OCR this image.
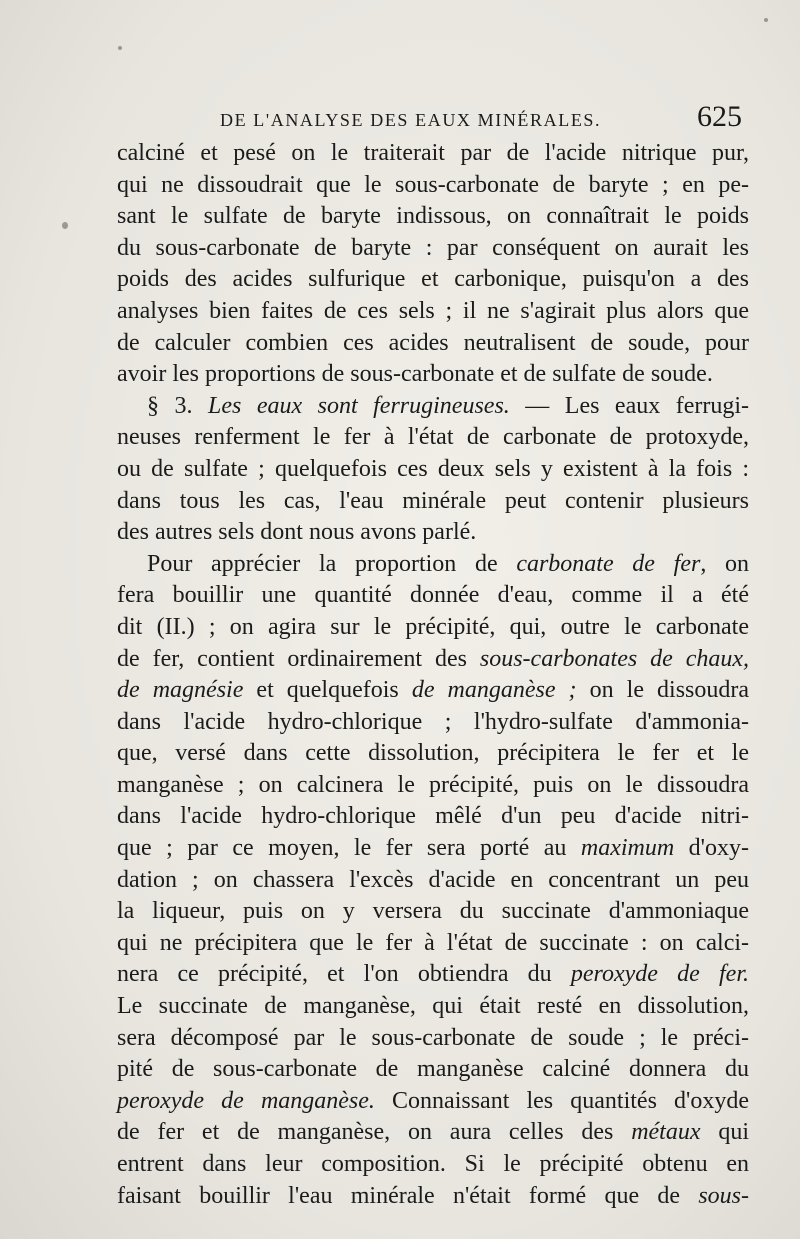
DE L'ANALYSE DES EAUX MINÉRALES.	625
calciné et pesé on le traiterait par de l'acide nitrique pur,
qui ne dissoudrait que le sous-carbonate de baryte ; en pe-
sant le sulfate de baryte indissous, on connaîtrait le poids
du sous-carbonate de baryte : par conséquent on aurait les
poids des acides sulfurique et carbonique, puisqu'on a des
analyses bien faites de ces sels ; il ne s'agirait plus alors que
de calculer combien ces acides neutralisent de soude, pour
avoir les proportions de sous-carbonate et de sulfate de soude.
§ 3. Les eaux sont ferrugineuses. — Les eaux ferrugi-
neuses renferment le fer à l'état de carbonate de protoxyde,
ou de sulfate ; quelquefois ces deux sels y existent à la fois :
dans tous les cas, l'eau minérale peut contenir plusieurs
des autres sels dont nous avons parlé.
Pour apprécier la proportion de carbonate de fer, on
fera bouillir une quantité donnée d'eau, comme il a été
dit (II.) ; on agira sur le précipité, qui, outre le carbonate
de fer, contient ordinairement des sous-carbonates de chaux,
de magnésie et quelquefois de manganèse ; on le dissoudra
dans l'acide hydro-chlorique ; l'hydro-sulfate d'ammonia-
que, versé dans cette dissolution, précipitera le fer et le
manganèse ; on calcinera le précipité, puis on le dissoudra
dans l'acide hydro-chlorique mêlé d'un peu d'acide nitri-
que ; par ce moyen, le fer sera porté au maximum d'oxy-
dation ; on chassera l'excès d'acide en concentrant un peu
la liqueur, puis on y versera du succinate d'ammoniaque
qui ne précipitera que le fer à l'état de succinate : on calci-
nera ce précipité, et l'on obtiendra du peroxyde de fer.
Le succinate de manganèse, qui était resté en dissolution,
sera décomposé par le sous-carbonate de soude ; le préci-
pité de sous-carbonate de manganèse calciné donnera du
peroxyde de manganèse. Connaissant les quantités d'oxyde
de fer et de manganèse, on aura celles des métaux qui
entrent dans leur composition. Si le précipité obtenu en
faisant bouillir l'eau minérale n'était formé que de sous-
